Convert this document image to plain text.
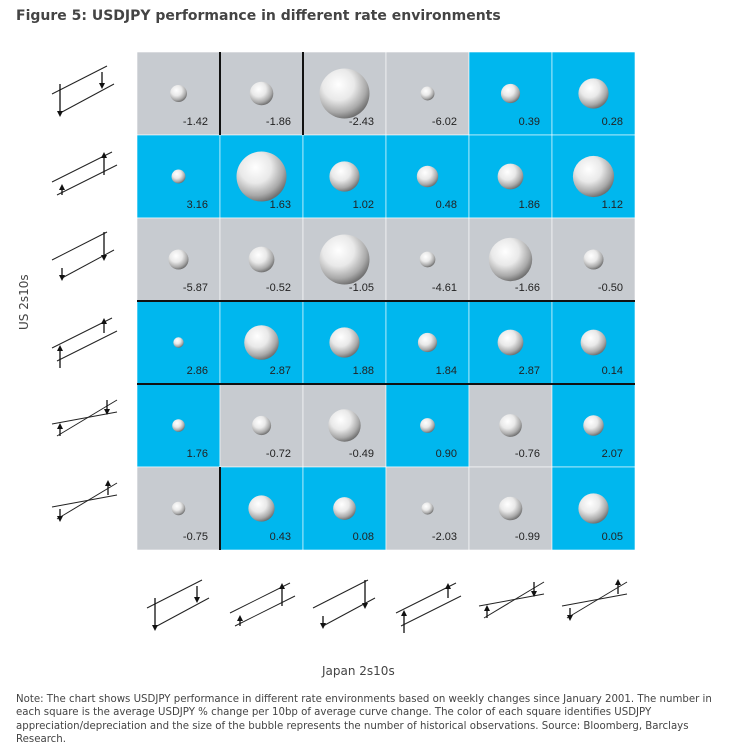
Figure 5: USDJPY performance in different rate environments
-1.42	-1.86	-2.43	-6.02	0.39	0.28
3.16	1.63	1.02	0.48	1.86	1.12
-5.87	-0.52	-1.05	-4.61	-1.66	-0.50
2.86	2.87	1.88	1.84	2.87	0.14
1.76	-0.72	-0.49	0.90	-0.76	2.07
-0.75	0.43	0.08	-2.03	-0.99	0.05
US 2s10s
Japan 2s10s
Note: The chart shows USDJPY performance in different rate environments based on weekly changes since January 2001. The number in each square is the average USDJPY % change per 10bp of average curve change. The color of each square identifies USDJPY appreciation/depreciation and the size of the bubble represents the number of historical observations. Source: Bloomberg, Barclays Research.
